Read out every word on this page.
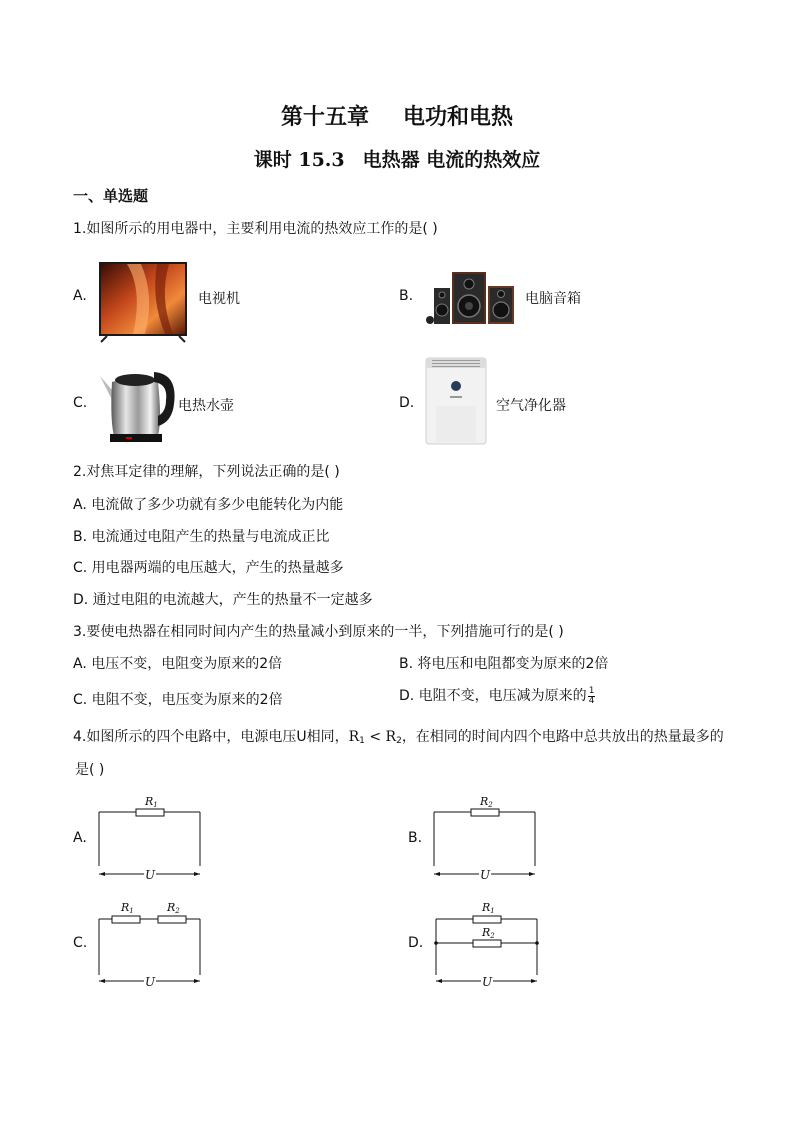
第十五章 电功和电热
课时 15.3 电热器 电流的热效应
一、单选题
1.如图所示的用电器中，主要利用电流的热效应工作的是( )
A.	电视机	B.	电脑音箱
C.	电热水壶	D.	空气净化器
2.对焦耳定律的理解，下列说法正确的是( )
A. 电流做了多少功就有多少电能转化为内能
B. 电流通过电阻产生的热量与电流成正比
C. 用电器两端的电压越大，产生的热量越多
D. 通过电阻的电流越大，产生的热量不一定越多
3.要使电热器在相同时间内产生的热量减小到原来的一半，下列措施可行的是( )
A. 电压不变，电阻变为原来的2倍	B. 将电压和电阻都变为原来的2倍
C. 电阻不变，电压变为原来的2倍	D. 电阻不变，电压减为原来的 $\frac{1}{4}$
4.如图所示的四个电路中，电源电压U相同，$R_1 < R_2$，在相同的时间内四个电路中总共放出的热量最多的
是( )
A.
R1
U
B.
R2
U
C.
R1	R2
U
D.
R1
R2
U
